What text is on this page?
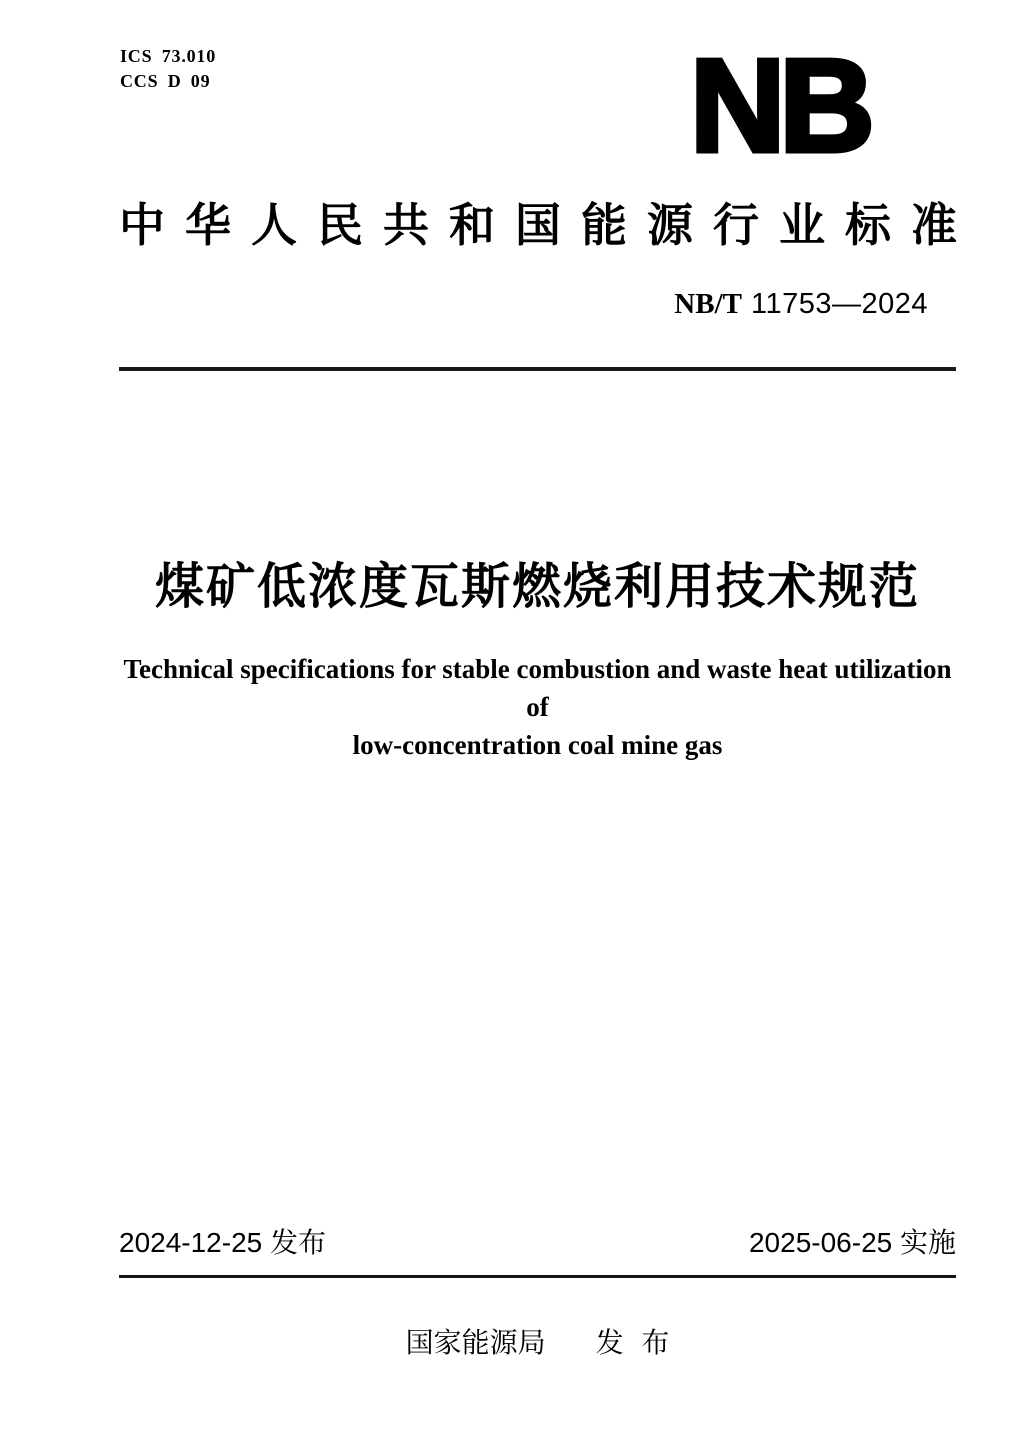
ICS 73.010
CCS D 09	NB
中 华 人 民 共 和 国 能 源 行 业 标 准
NB/T 11753—2024
煤矿低浓度瓦斯燃烧利用技术规范
Technical specifications for stable combustion and waste heat utilization of
low-concentration coal mine gas
2024-12-25 发布	2025-06-25 实施
国家能源局 发 布
